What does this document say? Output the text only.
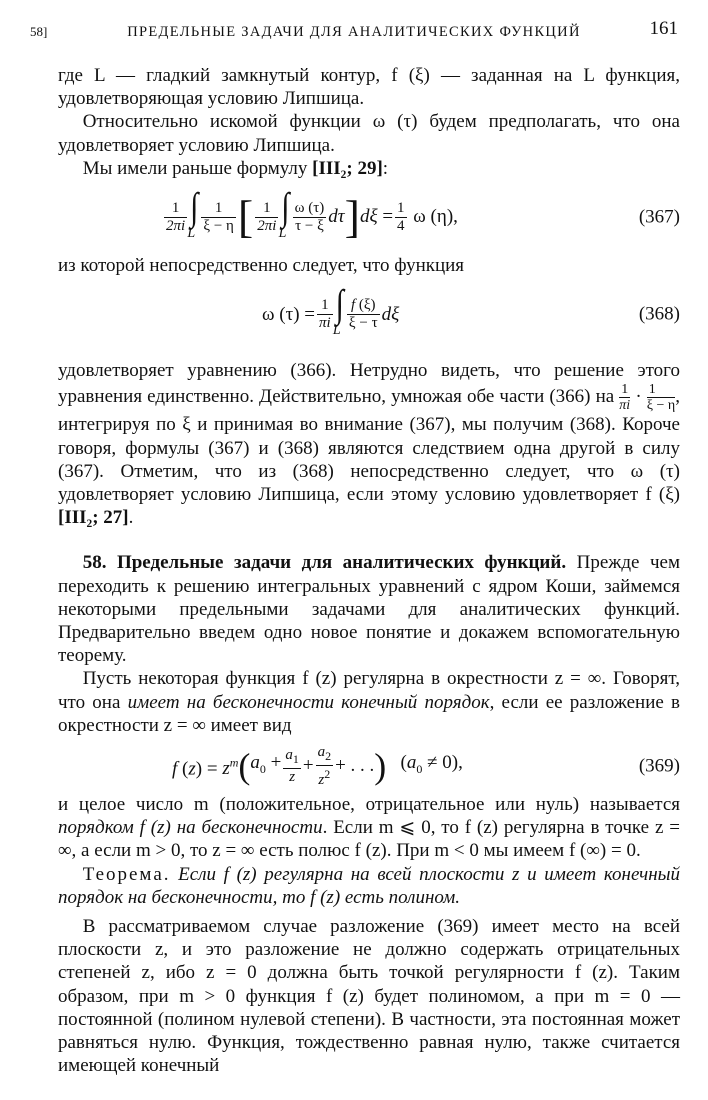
58]	ПРЕДЕЛЬНЫЕ ЗАДАЧИ ДЛЯ АНАЛИТИЧЕСКИХ ФУНКЦИЙ	161

где L — гладкий замкнутый контур, f (ξ) — заданная на L функция, удовлетворяющая условию Липшица.

Относительно искомой функции ω (τ) будем предполагать, что она удовлетворяет условию Липшица.

Мы имели раньше формулу [III₂; 29]:

$\frac{1}{2\pi i}$ ∫
L $\frac{1}{\xi - \eta}$ [ $\frac{1}{2\pi i}$ ∫
L $\frac{\omega (\tau)}{\tau - \xi}$ dτ ] $d\xi = \frac{1}{4}$ ω (η),	(367)

из которой непосредственно следует, что функция

ω $(\tau) = \frac{1}{\pi i}$ ∫
L $\frac{f (\xi)}{\xi - \tau}$ dξ	(368)

удовлетворяет уравнению (366). Нетрудно видеть, что решение этого уравнения единственно. Действительно, умножая обе части (366) на $\frac{1}{\pi i} \cdot \frac{1}{\xi - \eta}$ , интегрируя по ξ и принимая во внимание (367), мы получим (368). Короче говоря, формулы (367) и (368) являются следствием одна другой в силу (367). Отметим, что из (368) непосредственно следует, что ω (τ) удовлетворяет условию Липшица, если этому условию удовлетворяет f (ξ) [III₂; 27].

58. Предельные задачи для аналитических функций. Прежде чем переходить к решению интегральных уравнений с ядром Коши, займемся некоторыми предельными задачами для аналитических функций. Предварительно введем одно новое понятие и докажем вспомогательную теорему.

Пусть некоторая функция f (z) регулярна в окрестности z = ∞. Говорят, что она имеет на бесконечности конечный порядок, если ее разложение в окрестности z = ∞ имеет вид

f $(z) = z^m$ ( $a_0 + \frac{a_1}{z} + \frac{a_2}{z^2}$ + . . . ) $(a_0 \ne 0)$,	(369)

и целое число m (положительное, отрицательное или нуль) называется порядком f (z) на бесконечности. Если m ⩽ 0, то f (z) регулярна в точке z = ∞, а если m > 0, то z = ∞ есть полюс f (z). При m < 0 мы имеем f (∞) = 0.

Теорема. Если f (z) регулярна на всей плоскости z и имеет конечный порядок на бесконечности, то f (z) есть полином.

В рассматриваемом случае разложение (369) имеет место на всей плоскости z, и это разложение не должно содержать отрицательных степеней z, ибо z = 0 должна быть точкой регулярности f (z). Таким образом, при m > 0 функция f (z) будет полиномом, а при m = 0 — постоянной (полином нулевой степени). В частности, эта постоянная может равняться нулю. Функция, тождественно равная нулю, также считается имеющей конечный
